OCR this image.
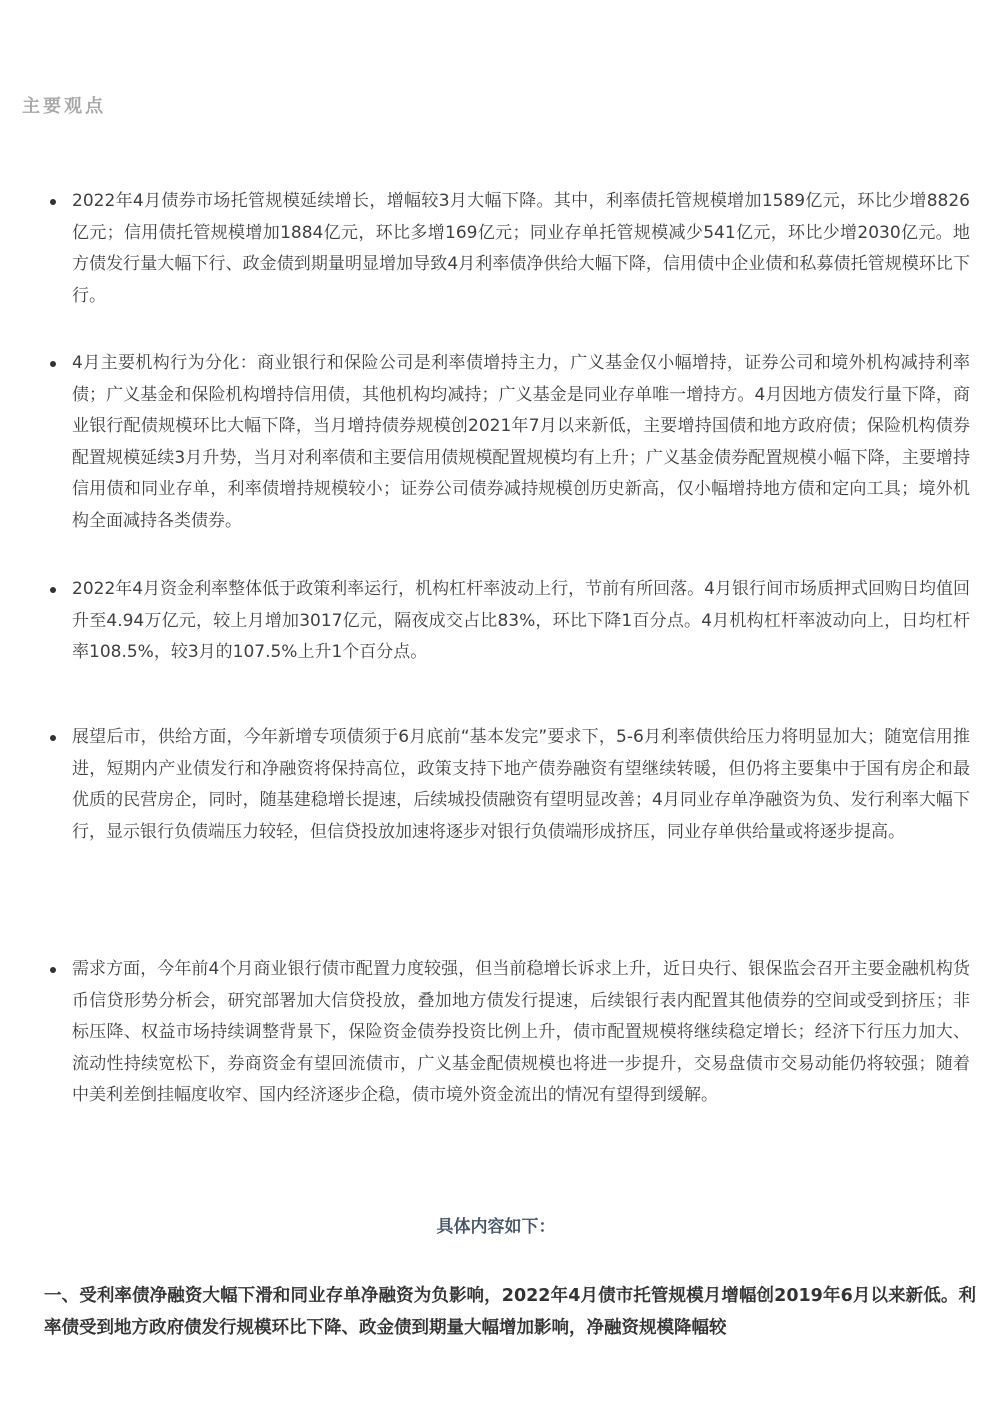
主要观点
2022年4月债券市场托管规模延续增长，增幅较3月大幅下降。其中，利率债托管规模增加1589亿元，环比少增8826亿元；信用债托管规模增加1884亿元，环比多增169亿元；同业存单托管规模减少541亿元，环比少增2030亿元。地方债发行量大幅下行、政金债到期量明显增加导致4月利率债净供给大幅下降，信用债中企业债和私募债托管规模环比下行。
4月主要机构行为分化：商业银行和保险公司是利率债增持主力，广义基金仅小幅增持，证券公司和境外机构减持利率债；广义基金和保险机构增持信用债，其他机构均减持；广义基金是同业存单唯一增持方。4月因地方债发行量下降，商业银行配债规模环比大幅下降，当月增持债券规模创2021年7月以来新低，主要增持国债和地方政府债；保险机构债券配置规模延续3月升势，当月对利率债和主要信用债规模配置规模均有上升；广义基金债券配置规模小幅下降，主要增持信用债和同业存单，利率债增持规模较小；证券公司债券减持规模创历史新高，仅小幅增持地方债和定向工具；境外机构全面减持各类债券。
2022年4月资金利率整体低于政策利率运行，机构杠杆率波动上行，节前有所回落。4月银行间市场质押式回购日均值回升至4.94万亿元，较上月增加3017亿元，隔夜成交占比83%，环比下降1百分点。4月机构杠杆率波动向上，日均杠杆率108.5%，较3月的107.5%上升1个百分点。
展望后市，供给方面，今年新增专项债须于6月底前“基本发完”要求下，5-6月利率债供给压力将明显加大；随宽信用推进，短期内产业债发行和净融资将保持高位，政策支持下地产债券融资有望继续转暖，但仍将主要集中于国有房企和最优质的民营房企，同时，随基建稳增长提速，后续城投债融资有望明显改善；4月同业存单净融资为负、发行利率大幅下行，显示银行负债端压力较轻，但信贷投放加速将逐步对银行负债端形成挤压，同业存单供给量或将逐步提高。
需求方面，今年前4个月商业银行债市配置力度较强，但当前稳增长诉求上升，近日央行、银保监会召开主要金融机构货币信贷形势分析会，研究部署加大信贷投放，叠加地方债发行提速，后续银行表内配置其他债券的空间或受到挤压；非标压降、权益市场持续调整背景下，保险资金债券投资比例上升，债市配置规模将继续稳定增长；经济下行压力加大、流动性持续宽松下，券商资金有望回流债市，广义基金配债规模也将进一步提升，交易盘债市交易动能仍将较强；随着中美利差倒挂幅度收窄、国内经济逐步企稳，债市境外资金流出的情况有望得到缓解。
具体内容如下：

一、受利率债净融资大幅下滑和同业存单净融资为负影响，2022年4月债市托管规模月增幅创2019年6月以来新低。利率债受到地方政府债发行规模环比下降、政金债到期量大幅增加影响，净融资规模降幅较
